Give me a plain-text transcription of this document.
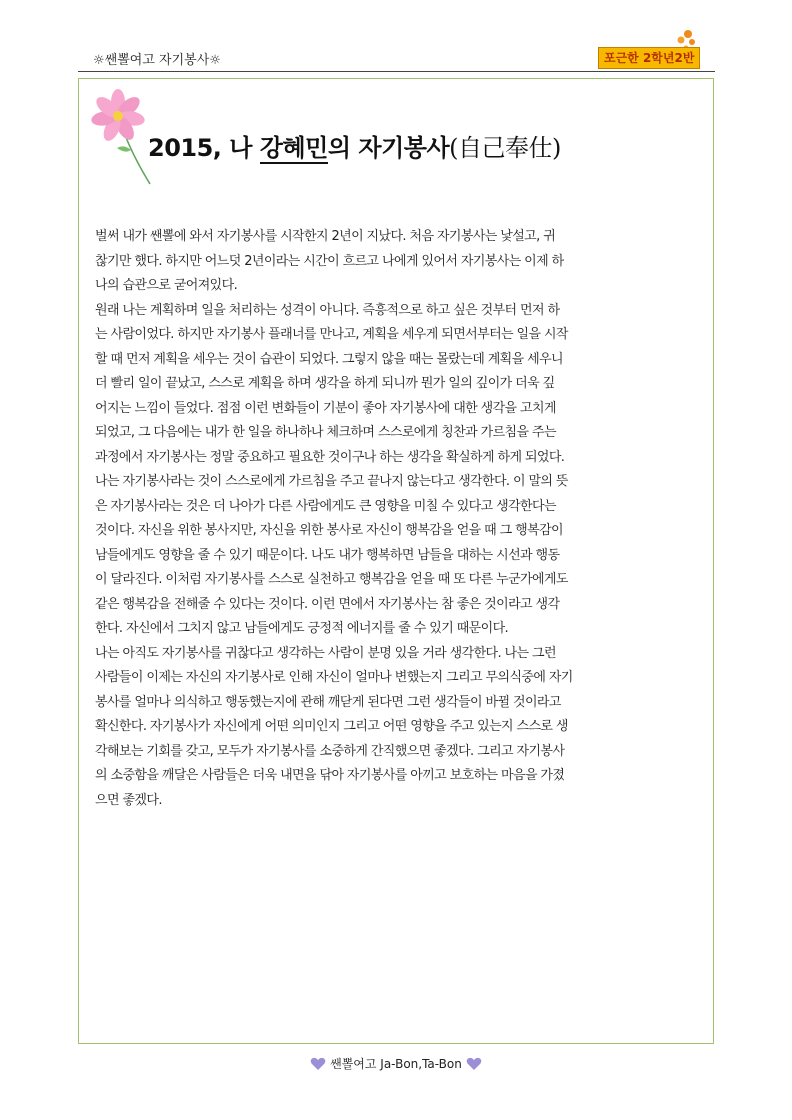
☼쌘뽈여고 자기봉사☼	포근한 2학년2반
2015, 나 강혜민의 자기봉사(自己奉仕)
벌써 내가 쌘뽈에 와서 자기봉사를 시작한지 2년이 지났다. 처음 자기봉사는 낯설고, 귀
찮기만 했다. 하지만 어느덧 2년이라는 시간이 흐르고 나에게 있어서 자기봉사는 이제 하
나의 습관으로 굳어져있다.
원래 나는 계획하며 일을 처리하는 성격이 아니다. 즉흥적으로 하고 싶은 것부터 먼저 하
는 사람이었다. 하지만 자기봉사 플래너를 만나고, 계획을 세우게 되면서부터는 일을 시작
할 때 먼저 계획을 세우는 것이 습관이 되었다. 그렇지 않을 때는 몰랐는데 계획을 세우니
더 빨리 일이 끝났고, 스스로 계획을 하며 생각을 하게 되니까 뭔가 일의 깊이가 더욱 깊
어지는 느낌이 들었다. 점점 이런 변화들이 기분이 좋아 자기봉사에 대한 생각을 고치게
되었고, 그 다음에는 내가 한 일을 하나하나 체크하며 스스로에게 칭찬과 가르침을 주는
과정에서 자기봉사는 정말 중요하고 필요한 것이구나 하는 생각을 확실하게 하게 되었다.
나는 자기봉사라는 것이 스스로에게 가르침을 주고 끝나지 않는다고 생각한다. 이 말의 뜻
은 자기봉사라는 것은 더 나아가 다른 사람에게도 큰 영향을 미칠 수 있다고 생각한다는
것이다. 자신을 위한 봉사지만, 자신을 위한 봉사로 자신이 행복감을 얻을 때 그 행복감이
남들에게도 영향을 줄 수 있기 때문이다. 나도 내가 행복하면 남들을 대하는 시선과 행동
이 달라진다. 이처럼 자기봉사를 스스로 실천하고 행복감을 얻을 때 또 다른 누군가에게도
같은 행복감을 전해줄 수 있다는 것이다. 이런 면에서 자기봉사는 참 좋은 것이라고 생각
한다. 자신에서 그치지 않고 남들에게도 긍정적 에너지를 줄 수 있기 때문이다.
나는 아직도 자기봉사를 귀찮다고 생각하는 사람이 분명 있을 거라 생각한다. 나는 그런
사람들이 이제는 자신의 자기봉사로 인해 자신이 얼마나 변했는지 그리고 무의식중에 자기
봉사를 얼마나 의식하고 행동했는지에 관해 깨닫게 된다면 그런 생각들이 바뀔 것이라고
확신한다. 자기봉사가 자신에게 어떤 의미인지 그리고 어떤 영향을 주고 있는지 스스로 생
각해보는 기회를 갖고, 모두가 자기봉사를 소중하게 간직했으면 좋겠다. 그리고 자기봉사
의 소중함을 깨달은 사람들은 더욱 내면을 닦아 자기봉사를 아끼고 보호하는 마음을 가졌
으면 좋겠다.
쌘뽈여고 Ja-Bon,Ta-Bon
